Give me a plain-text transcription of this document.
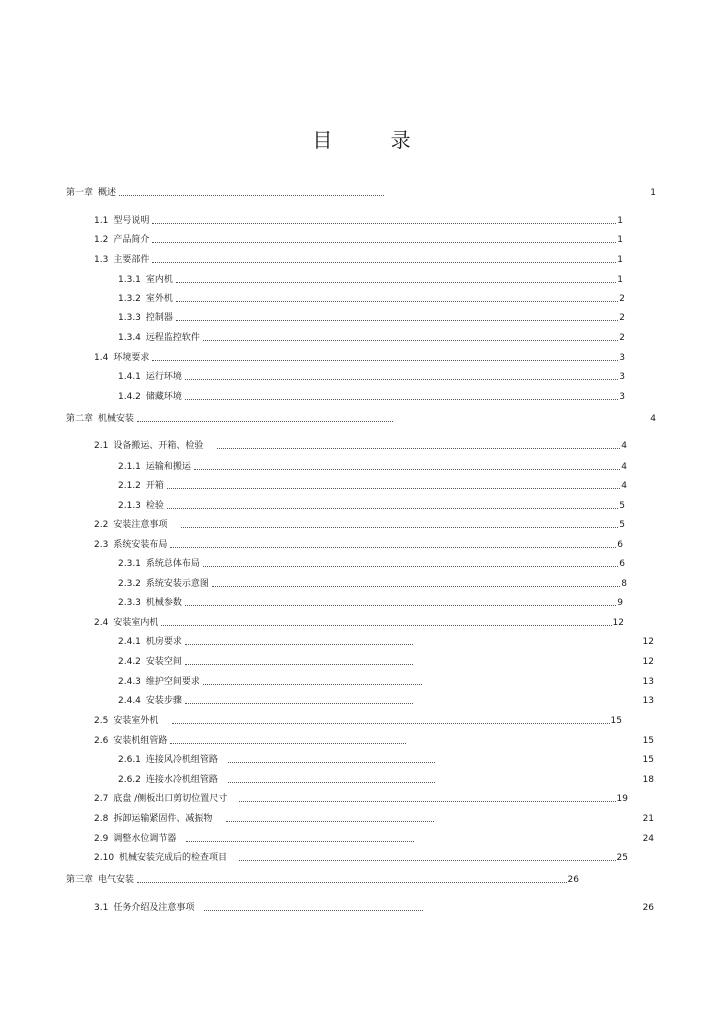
目 录
第一章 概述	1
1.1 型号说明	1
1.2 产品简介	1
1.3 主要部件	1
1.3.1 室内机	1
1.3.2 室外机	2
1.3.3 控制器	2
1.3.4 远程监控软件	2
1.4 环境要求	3
1.4.1 运行环境	3
1.4.2 储藏环境	3
第二章 机械安装	4
2.1 设备搬运、开箱、检验	4
2.1.1 运输和搬运	4
2.1.2 开箱	4
2.1.3 检验	5
2.2 安装注意事项	5
2.3 系统安装布局	6
2.3.1 系统总体布局	6
2.3.2 系统安装示意图	8
2.3.3 机械参数	9
2.4 安装室内机	12
2.4.1 机房要求	12
2.4.2 安装空间	12
2.4.3 维护空间要求	13
2.4.4 安装步骤	13
2.5 安装室外机	15
2.6 安装机组管路	15
2.6.1 连接风冷机组管路	15
2.6.2 连接水冷机组管路	18
2.7 底盘 /侧板出口剪切位置尺寸	19
2.8 拆卸运输紧固件、减振物	21
2.9 调整水位调节器	24
2.10 机械安装完成后的检查项目	25
第三章 电气安装	26
3.1 任务介绍及注意事项	26
